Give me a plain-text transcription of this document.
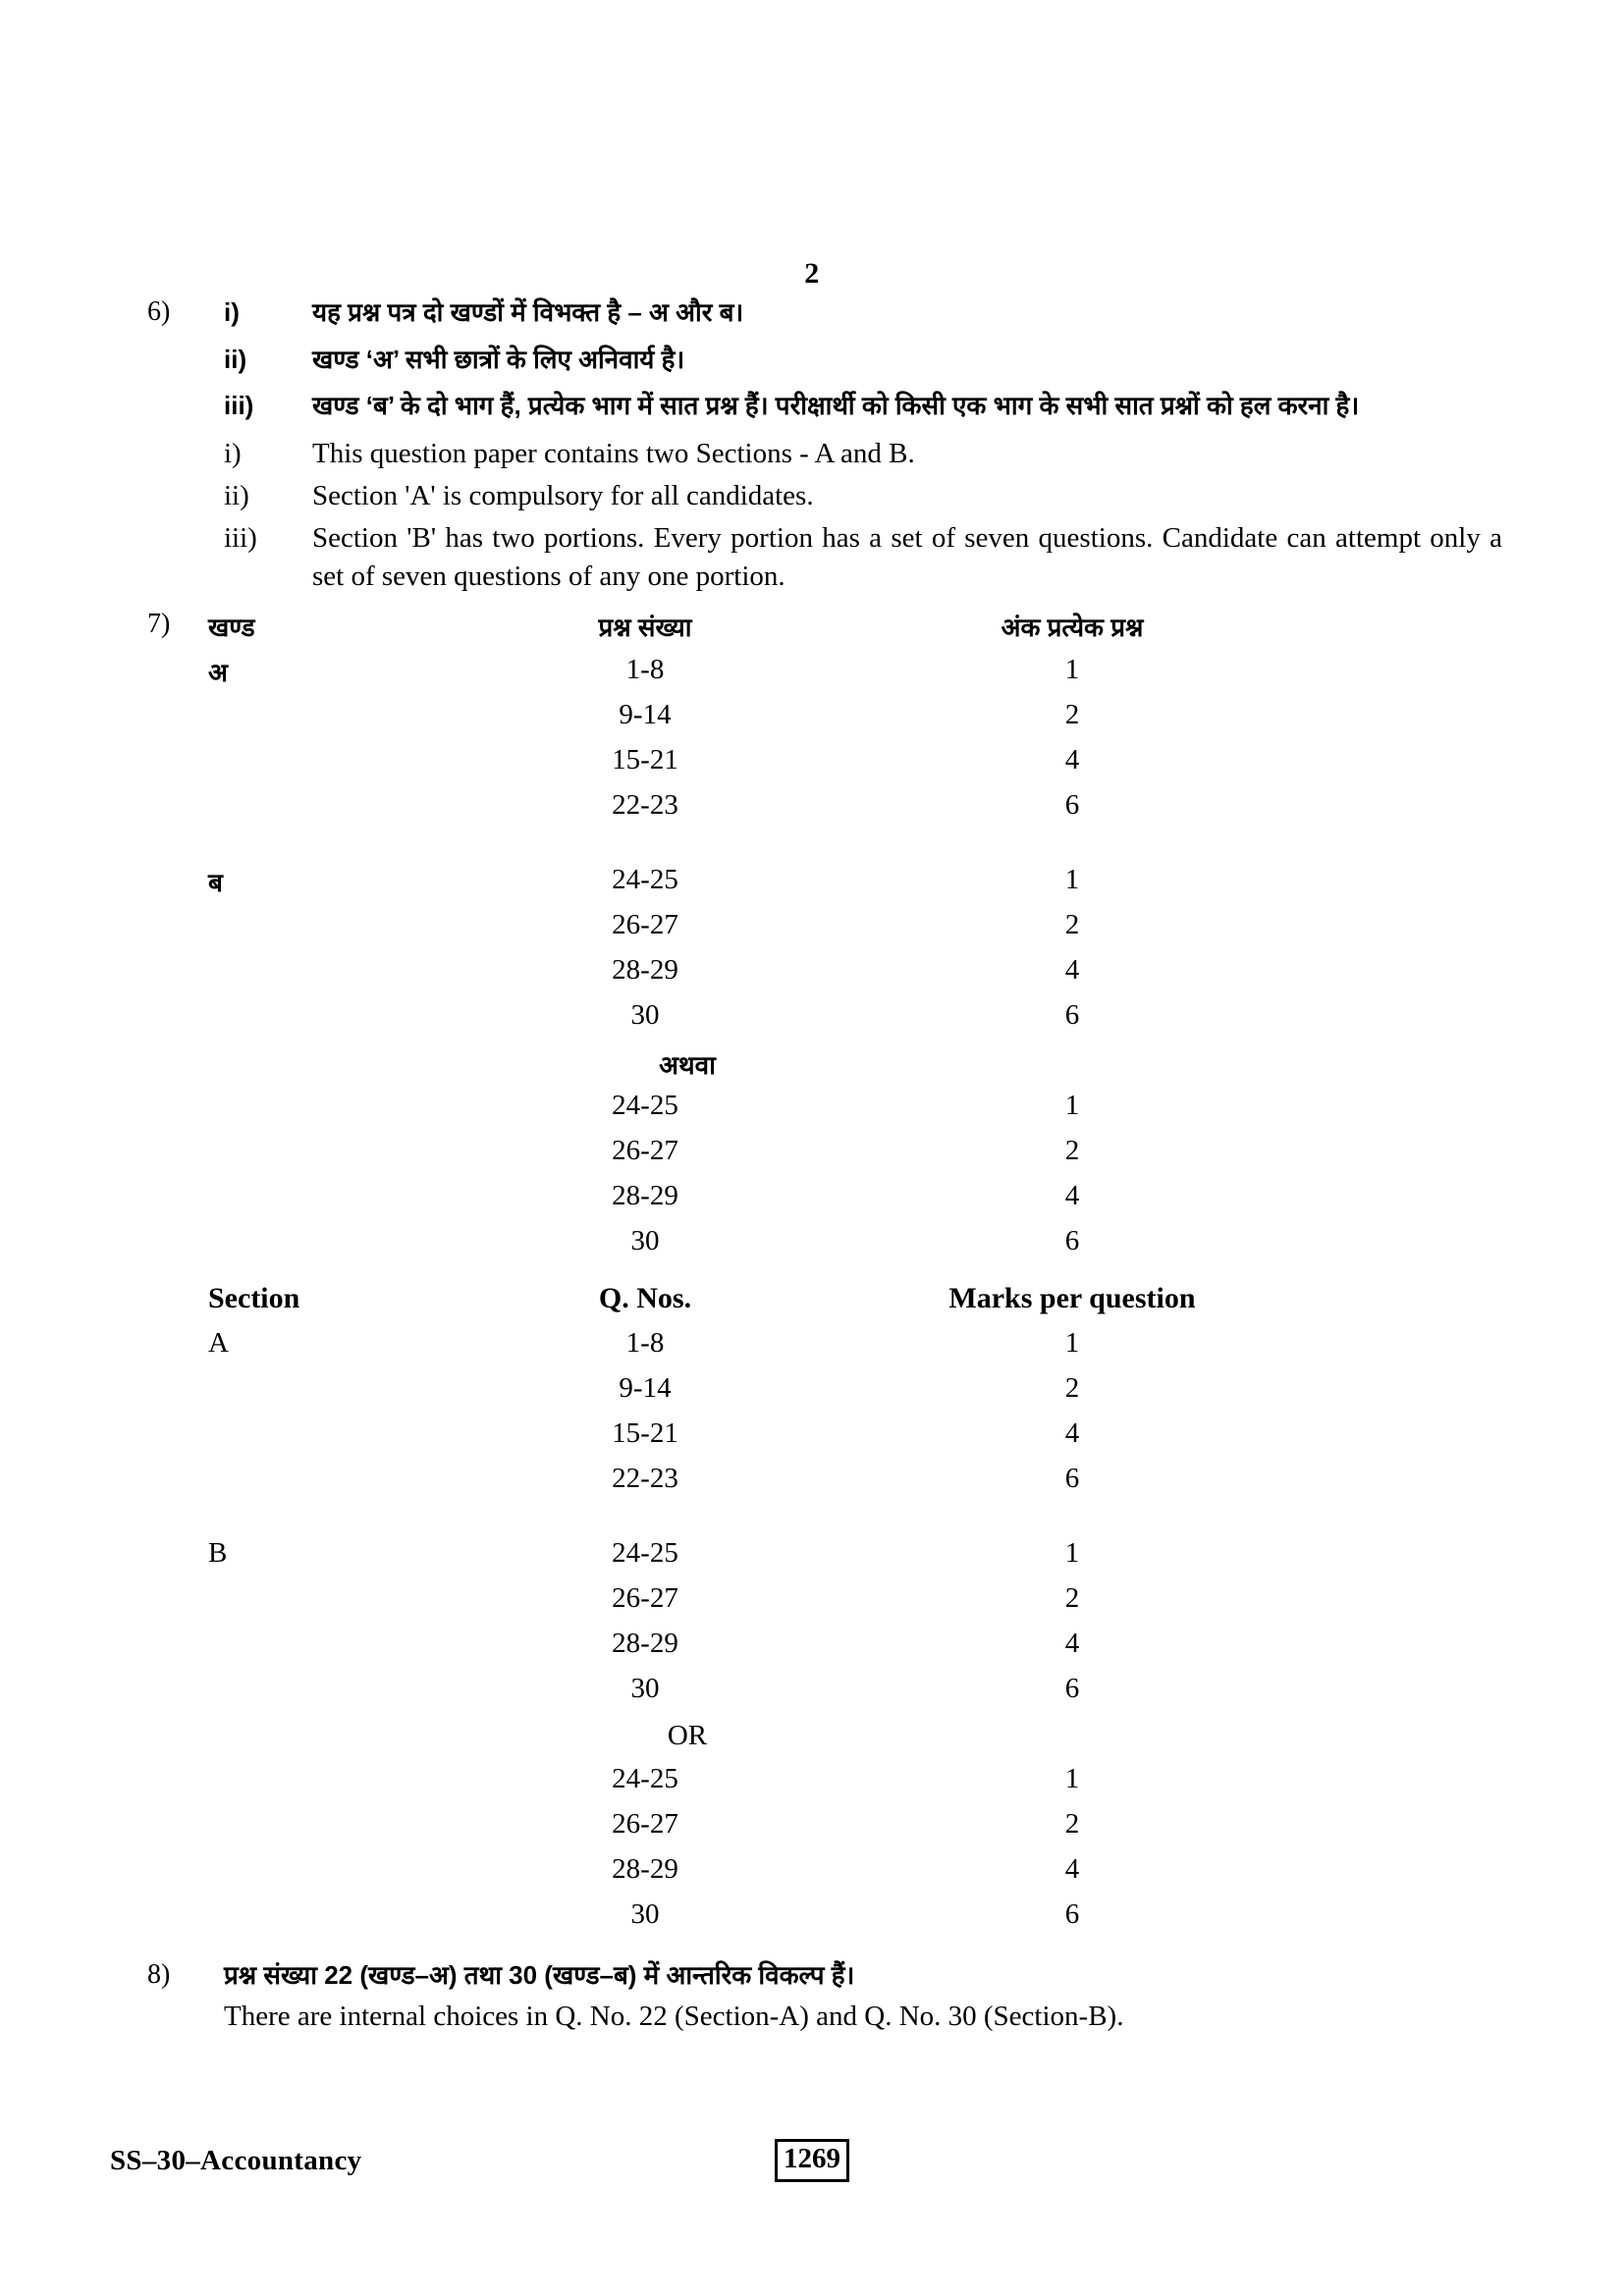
2
6)	i)	यह प्रश्न पत्र दो खण्डों में विभक्त है – अ और ब।
ii)	खण्ड ‘अ’ सभी छात्रों के लिए अनिवार्य है।
iii)	खण्ड ‘ब’ के दो भाग हैं, प्रत्येक भाग में सात प्रश्न हैं। परीक्षार्थी को किसी एक भाग के सभी सात प्रश्नों को हल करना है।
i)	This question paper contains two Sections - A and B.
ii)	Section 'A' is compulsory for all candidates.
iii)	Section 'B' has two portions. Every portion has a set of seven questions. Candidate can attempt only a set of seven questions of any one portion.
7)	खण्ड	प्रश्न संख्या	अंक प्रत्येक प्रश्न	
	अ	1-8	1	
		9-14	2	
		15-21	4	
		22-23	6	

	ब	24-25	1	
		26-27	2	
		28-29	4	
		30	6	

अथवा
		24-25	1	
		26-27	2	
		28-29	4	
		30	6	
	Section	Q. Nos.	Marks per question	
	A	1-8	1	
		9-14	2	
		15-21	4	
		22-23	6	

	B	24-25	1	
		26-27	2	
		28-29	4	
		30	6	

OR
		24-25	1	
		26-27	2	
		28-29	4	
		30	6	
8)	प्रश्न संख्या 22 (खण्ड–अ) तथा 30 (खण्ड–ब) में आन्तरिक विकल्प हैं।
There are internal choices in Q. No. 22 (Section-A) and Q. No. 30 (Section-B).
SS–30–Accountancy	1269
